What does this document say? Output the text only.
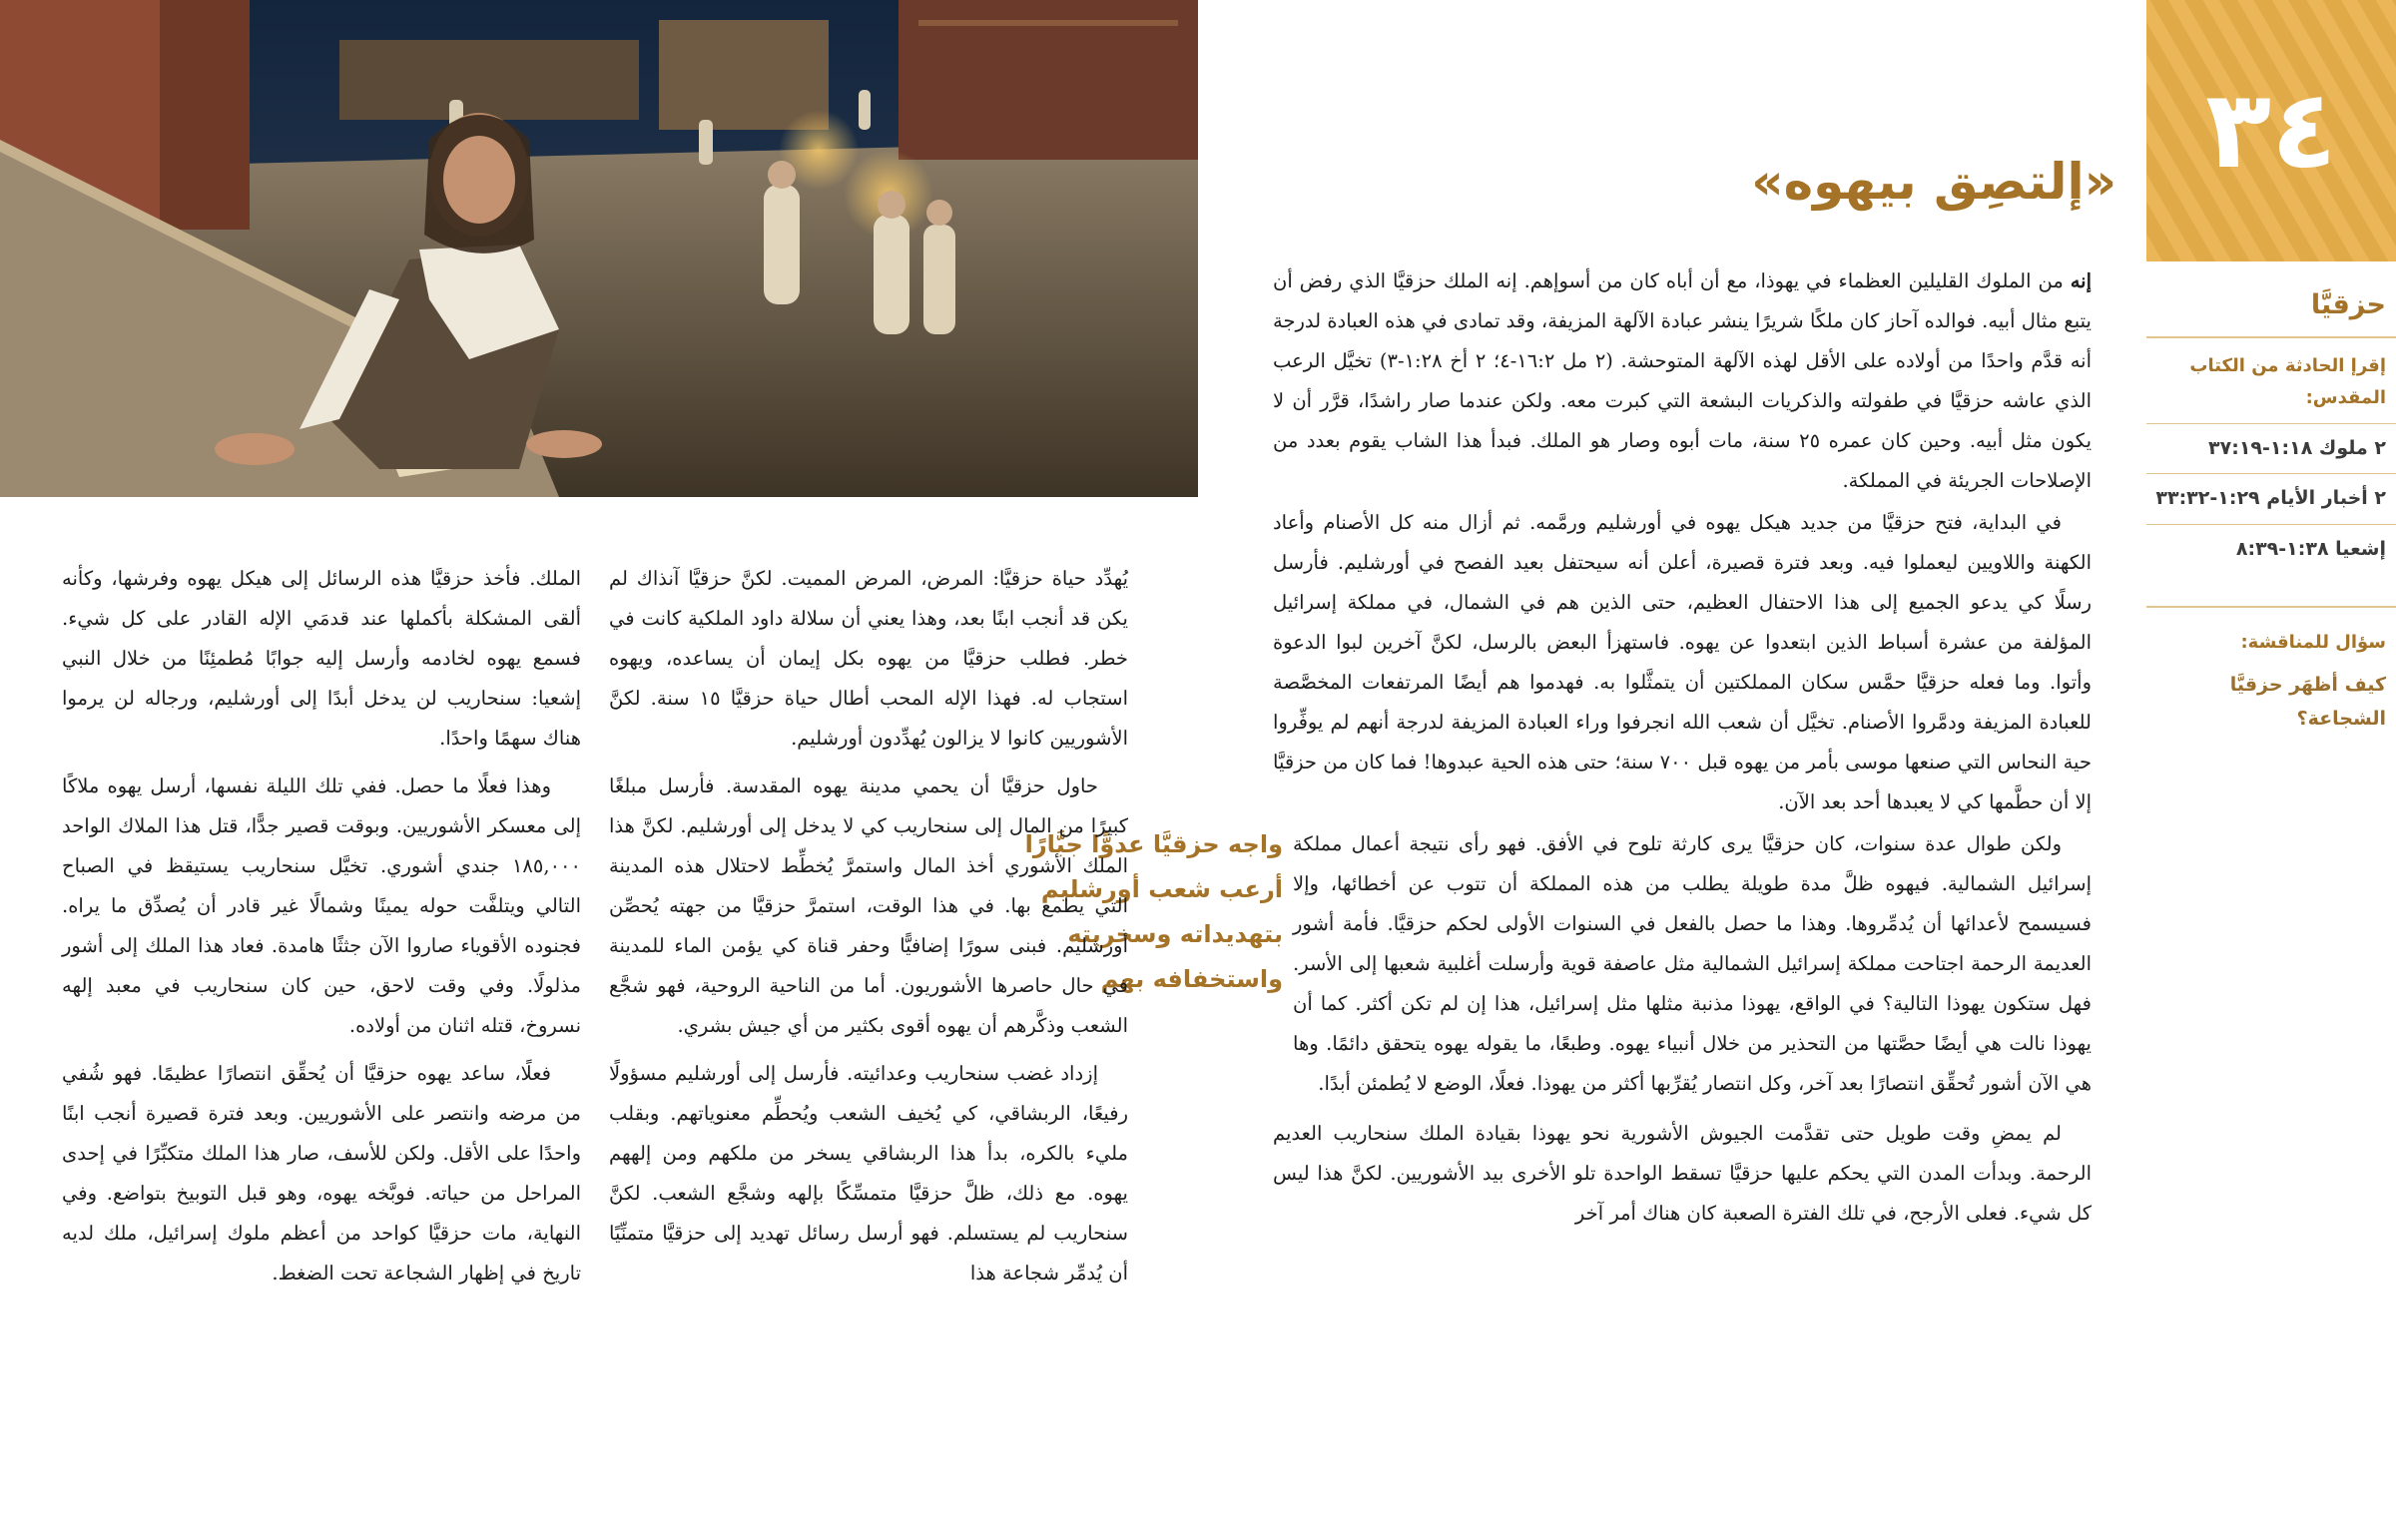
٣٤
«إلتصِق بيهوه»
حزقيَّا
إقرإ الحادثة من الكتاب المقدس:
٢ ملوك ١:١٨-٣٧:١٩
٢ أخبار الأيام ١:٢٩-٣٣:٣٢
إشعيا ١:٣٨-٨:٣٩
سؤال للمناقشة:
كيف أظهَر حزقيَّا الشجاعة؟

إنه من الملوك القليلين العظماء في يهوذا، مع أن أباه كان من أسوإهم. إنه الملك حزقيَّا الذي رفض أن يتبع مثال أبيه. فوالده آحاز كان ملكًا شريرًا ينشر عبادة الآلهة المزيفة، وقد تمادى في هذه العبادة لدرجة أنه قدَّم واحدًا من أولاده على الأقل لهذه الآلهة المتوحشة. (٢ مل ١٦:٢-٤؛ ٢ أخ ١:٢٨-٣) تخيَّل الرعب الذي عاشه حزقيَّا في طفولته والذكريات البشعة التي كبرت معه. ولكن عندما صار راشدًا، قرَّر أن لا يكون مثل أبيه. وحين كان عمره ٢٥ سنة، مات أبوه وصار هو الملك. فبدأ هذا الشاب يقوم بعدد من الإصلاحات الجريئة في المملكة.

في البداية، فتح حزقيَّا من جديد هيكل يهوه في أورشليم ورمَّمه. ثم أزال منه كل الأصنام وأعاد الكهنة واللاويين ليعملوا فيه. وبعد فترة قصيرة، أعلن أنه سيحتفل بعيد الفصح في أورشليم. فأرسل رسلًا كي يدعو الجميع إلى هذا الاحتفال العظيم، حتى الذين هم في الشمال، في مملكة إسرائيل المؤلفة من عشرة أسباط الذين ابتعدوا عن يهوه. فاستهزأ البعض بالرسل، لكنَّ آخرين لبوا الدعوة وأتوا. وما فعله حزقيَّا حمَّس سكان المملكتين أن يتمثَّلوا به. فهدموا هم أيضًا المرتفعات المخصَّصة للعبادة المزيفة ودمَّروا الأصنام. تخيَّل أن شعب الله انجرفوا وراء العبادة المزيفة لدرجة أنهم لم يوفِّروا حية النحاس التي صنعها موسى بأمر من يهوه قبل ٧٠٠ سنة؛ حتى هذه الحية عبدوها! فما كان من حزقيَّا إلا أن حطَّمها كي لا يعبدها أحد بعد الآن.

واجه حزقيَّا عدوًّا جبَّارًا أرعب شعب أورشليم بتهديداته وسخريته واستخفافه بهم

ولكن طوال عدة سنوات، كان حزقيَّا يرى كارثة تلوح في الأفق. فهو رأى نتيجة أعمال مملكة إسرائيل الشمالية. فيهوه ظلَّ مدة طويلة يطلب من هذه المملكة أن تتوب عن أخطائها، وإلا فسيسمح لأعدائها أن يُدمِّروها. وهذا ما حصل بالفعل في السنوات الأولى لحكم حزقيَّا. فأمة أشور العديمة الرحمة اجتاحت مملكة إسرائيل الشمالية مثل عاصفة قوية وأرسلت أغلبية شعبها إلى الأسر. فهل ستكون يهوذا التالية؟ في الواقع، يهوذا مذنبة مثلها مثل إسرائيل، هذا إن لم تكن أكثر. كما أن يهوذا نالت هي أيضًا حصَّتها من التحذير من خلال أنبياء يهوه. وطبعًا، ما يقوله يهوه يتحقق دائمًا. وها هي الآن أشور تُحقِّق انتصارًا بعد آخر، وكل انتصار يُقرِّبها أكثر من يهوذا. فعلًا، الوضع لا يُطمئن أبدًا.

لم يمضِ وقت طويل حتى تقدَّمت الجيوش الأشورية نحو يهوذا بقيادة الملك سنحاريب العديم الرحمة. وبدأت المدن التي يحكم عليها حزقيَّا تسقط الواحدة تلو الأخرى بيد الأشوريين. لكنَّ هذا ليس كل شيء. فعلى الأرجح، في تلك الفترة الصعبة كان هناك أمر آخر

يُهدِّد حياة حزقيَّا: المرض، المرض المميت. لكنَّ حزقيَّا آنذاك لم يكن قد أنجب ابنًا بعد، وهذا يعني أن سلالة داود الملكية كانت في خطر. فطلب حزقيَّا من يهوه بكل إيمان أن يساعده، ويهوه استجاب له. فهذا الإله المحب أطال حياة حزقيَّا ١٥ سنة. لكنَّ الأشوريين كانوا لا يزالون يُهدِّدون أورشليم.

حاول حزقيَّا أن يحمي مدينة يهوه المقدسة. فأرسل مبلغًا كبيرًا من المال إلى سنحاريب كي لا يدخل إلى أورشليم. لكنَّ هذا الملك الأشوري أخذ المال واستمرَّ يُخطِّط لاحتلال هذه المدينة التي يطمع بها. في هذا الوقت، استمرَّ حزقيَّا من جهته يُحصِّن أورشليم. فبنى سورًا إضافيًّا وحفر قناة كي يؤمن الماء للمدينة في حال حاصرها الأشوريون. أما من الناحية الروحية، فهو شجَّع الشعب وذكَّرهم أن يهوه أقوى بكثير من أي جيش بشري.

إزداد غضب سنحاريب وعدائيته. فأرسل إلى أورشليم مسؤولًا رفيعًا، الربشاقي، كي يُخيف الشعب ويُحطِّم معنوياتهم. وبقلب مليء بالكره، بدأ هذا الربشاقي يسخر من ملكهم ومن إلههم يهوه. مع ذلك، ظلَّ حزقيَّا متمسِّكًا بإلهه وشجَّع الشعب. لكنَّ سنحاريب لم يستسلم. فهو أرسل رسائل تهديد إلى حزقيَّا متمنِّيًا أن يُدمِّر شجاعة هذا

الملك. فأخذ حزقيَّا هذه الرسائل إلى هيكل يهوه وفرشها، وكأنه ألقى المشكلة بأكملها عند قدمَي الإله القادر على كل شيء. فسمع يهوه لخادمه وأرسل إليه جوابًا مُطمئِنًا من خلال النبي إشعيا: سنحاريب لن يدخل أبدًا إلى أورشليم، ورجاله لن يرموا هناك سهمًا واحدًا.

وهذا فعلًا ما حصل. ففي تلك الليلة نفسها، أرسل يهوه ملاكًا إلى معسكر الأشوريين. وبوقت قصير جدًّا، قتل هذا الملاك الواحد ١٨٥,٠٠٠ جندي أشوري. تخيَّل سنحاريب يستيقظ في الصباح التالي ويتلفَّت حوله يمينًا وشمالًا غير قادر أن يُصدِّق ما يراه. فجنوده الأقوياء صاروا الآن جثثًا هامدة. فعاد هذا الملك إلى أشور مذلولًا. وفي وقت لاحق، حين كان سنحاريب في معبد إلهه نسروخ، قتله اثنان من أولاده.

فعلًا، ساعد يهوه حزقيَّا أن يُحقِّق انتصارًا عظيمًا. فهو شُفي من مرضه وانتصر على الأشوريين. وبعد فترة قصيرة أنجب ابنًا واحدًا على الأقل. ولكن للأسف، صار هذا الملك متكبِّرًا في إحدى المراحل من حياته. فوبَّخه يهوه، وهو قبل التوبيخ بتواضع. وفي النهاية، مات حزقيَّا كواحد من أعظم ملوك إسرائيل، ملك لديه تاريخ في إظهار الشجاعة تحت الضغط.
